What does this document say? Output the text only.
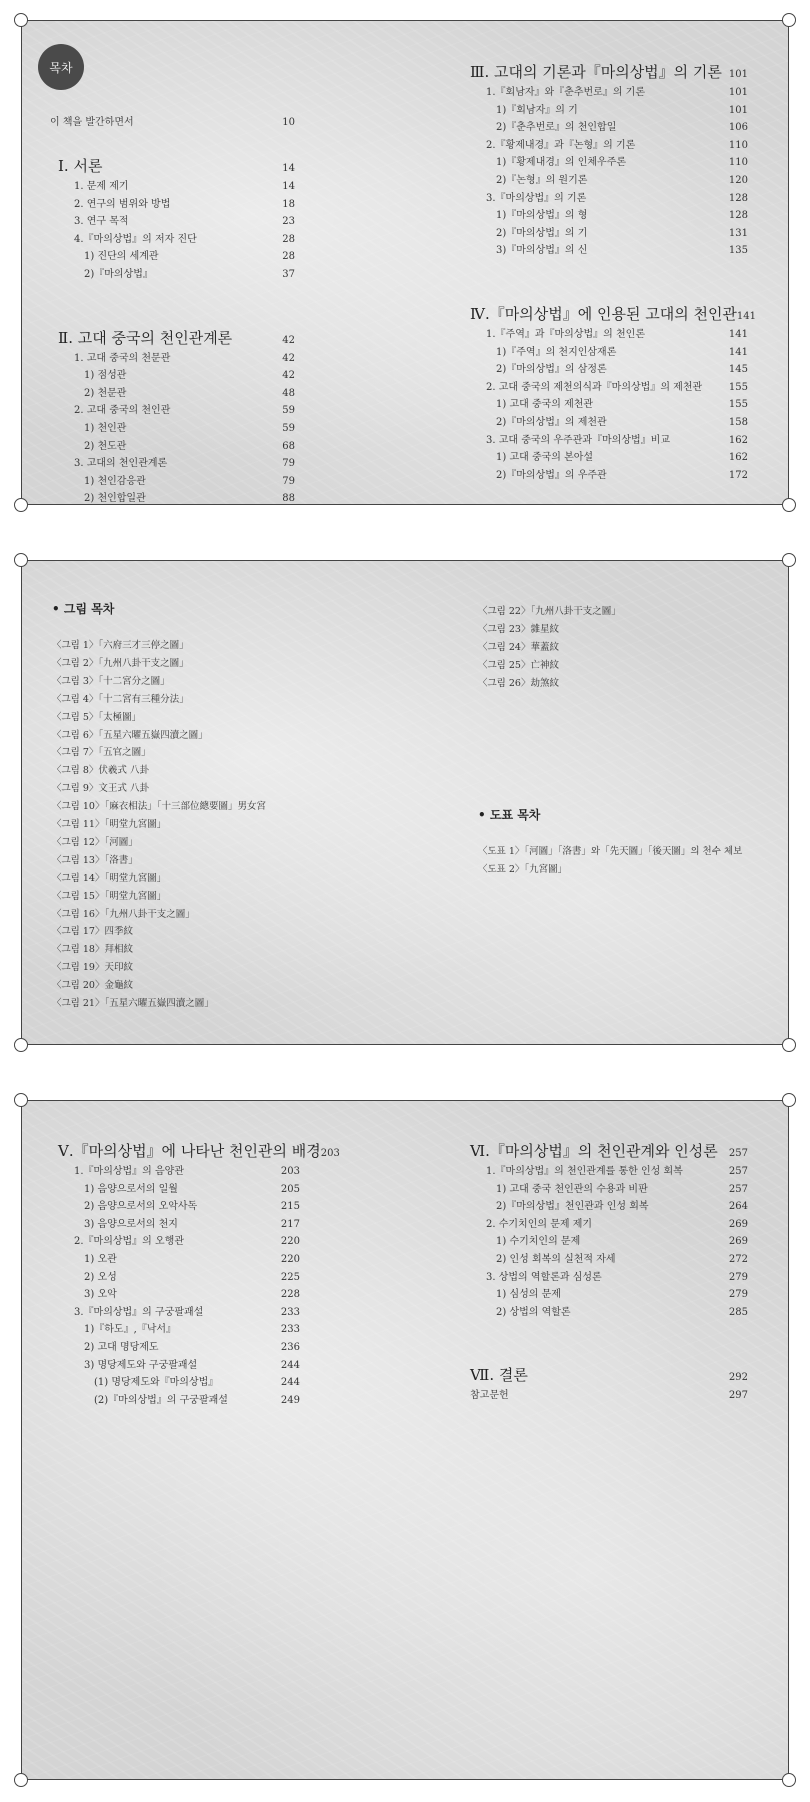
목차
이 책을 발간하면서	10
Ⅰ. 서론	14
1. 문제 제기	14
2. 연구의 범위와 방법	18
3. 연구 목적	23
4.『마의상법』의 저자 진단	28
1) 진단의 세계관	28
2)『마의상법』	37
Ⅱ. 고대 중국의 천인관계론	42
1. 고대 중국의 천문관	42
1) 점성관	42
2) 천문관	48
2. 고대 중국의 천인관	59
1) 천인관	59
2) 천도관	68
3. 고대의 천인관계론	79
1) 천인감응관	79
2) 천인합일관	88
Ⅲ. 고대의 기론과『마의상법』의 기론 101
1.『회남자』와『춘추번로』의 기론	101
1)『회남자』의 기	101
2)『춘추번로』의 천인합일	106
2.『황제내경』과『논형』의 기론	110
1)『황제내경』의 인체우주론	110
2)『논형』의 원기론	120
3.『마의상법』의 기론	128
1)『마의상법』의 형	128
2)『마의상법』의 기	131
3)『마의상법』의 신	135
Ⅳ.『마의상법』에 인용된 고대의 천인관 141
1.『주역』과『마의상법』의 천인론	141
1)『주역』의 천지인삼재론	141
2)『마의상법』의 삼정론	145
2. 고대 중국의 제천의식과『마의상법』의 제천관	155
1) 고대 중국의 제천관	155
2)『마의상법』의 제천관	158
3. 고대 중국의 우주관과『마의상법』비교	162
1) 고대 중국의 본아설	162
2)『마의상법』의 우주관	172
• 그림 목차
〈그림 1〉「六府三才三停之圖」
〈그림 2〉「九州八卦干支之圖」
〈그림 3〉「十二宮分之圖」
〈그림 4〉「十二宮有三種分法」
〈그림 5〉「太極圖」
〈그림 6〉「五星六曜五嶽四瀆之圖」
〈그림 7〉「五官之圖」
〈그림 8〉伏羲式 八卦
〈그림 9〉文王式 八卦
〈그림 10〉「麻衣相法」「十三部位總要圖」男女宮
〈그림 11〉「明堂九宮圖」
〈그림 12〉「河圖」
〈그림 13〉「洛書」
〈그림 14〉「明堂九宮圖」
〈그림 15〉「明堂九宮圖」
〈그림 16〉「九州八卦干支之圖」
〈그림 17〉四季紋
〈그림 18〉拜相紋
〈그림 19〉天印紋
〈그림 20〉金龜紋
〈그림 21〉「五星六曜五嶽四瀆之圖」
〈그림 22〉「九州八卦干支之圖」
〈그림 23〉雜星紋
〈그림 24〉華蓋紋
〈그림 25〉亡神紋
〈그림 26〉劫煞紋
• 도표 목차
〈도표 1〉「河圖」「洛書」와「先天圖」「後天圖」의 천수 체보
〈도표 2〉「九宮圖」
Ⅴ.『마의상법』에 나타난 천인관의 배경 203
1.『마의상법』의 음양관	203
1) 음양으로서의 일월	205
2) 음양으로서의 오악사독	215
3) 음양으로서의 천지	217
2.『마의상법』의 오행관	220
1) 오관	220
2) 오성	225
3) 오악	228
3.『마의상법』의 구궁팔괘설	233
1)『하도』,『낙서』	233
2) 고대 명당제도	236
3) 명당제도와 구궁팔괘설	244
(1) 명당제도와『마의상법』	244
(2)『마의상법』의 구궁팔괘설	249
Ⅵ.『마의상법』의 천인관계와 인성론 257
1.『마의상법』의 천인관계를 통한 인성 회복	257
1) 고대 중국 천인관의 수용과 비판	257
2)『마의상법』천인관과 인성 회복	264
2. 수기치인의 문제 제기	269
1) 수기치인의 문제	269
2) 인성 회복의 실천적 자세	272
3. 상법의 역할론과 심성론	279
1) 심성의 문제	279
2) 상법의 역할론	285
Ⅶ. 결론	292
참고문헌	297
